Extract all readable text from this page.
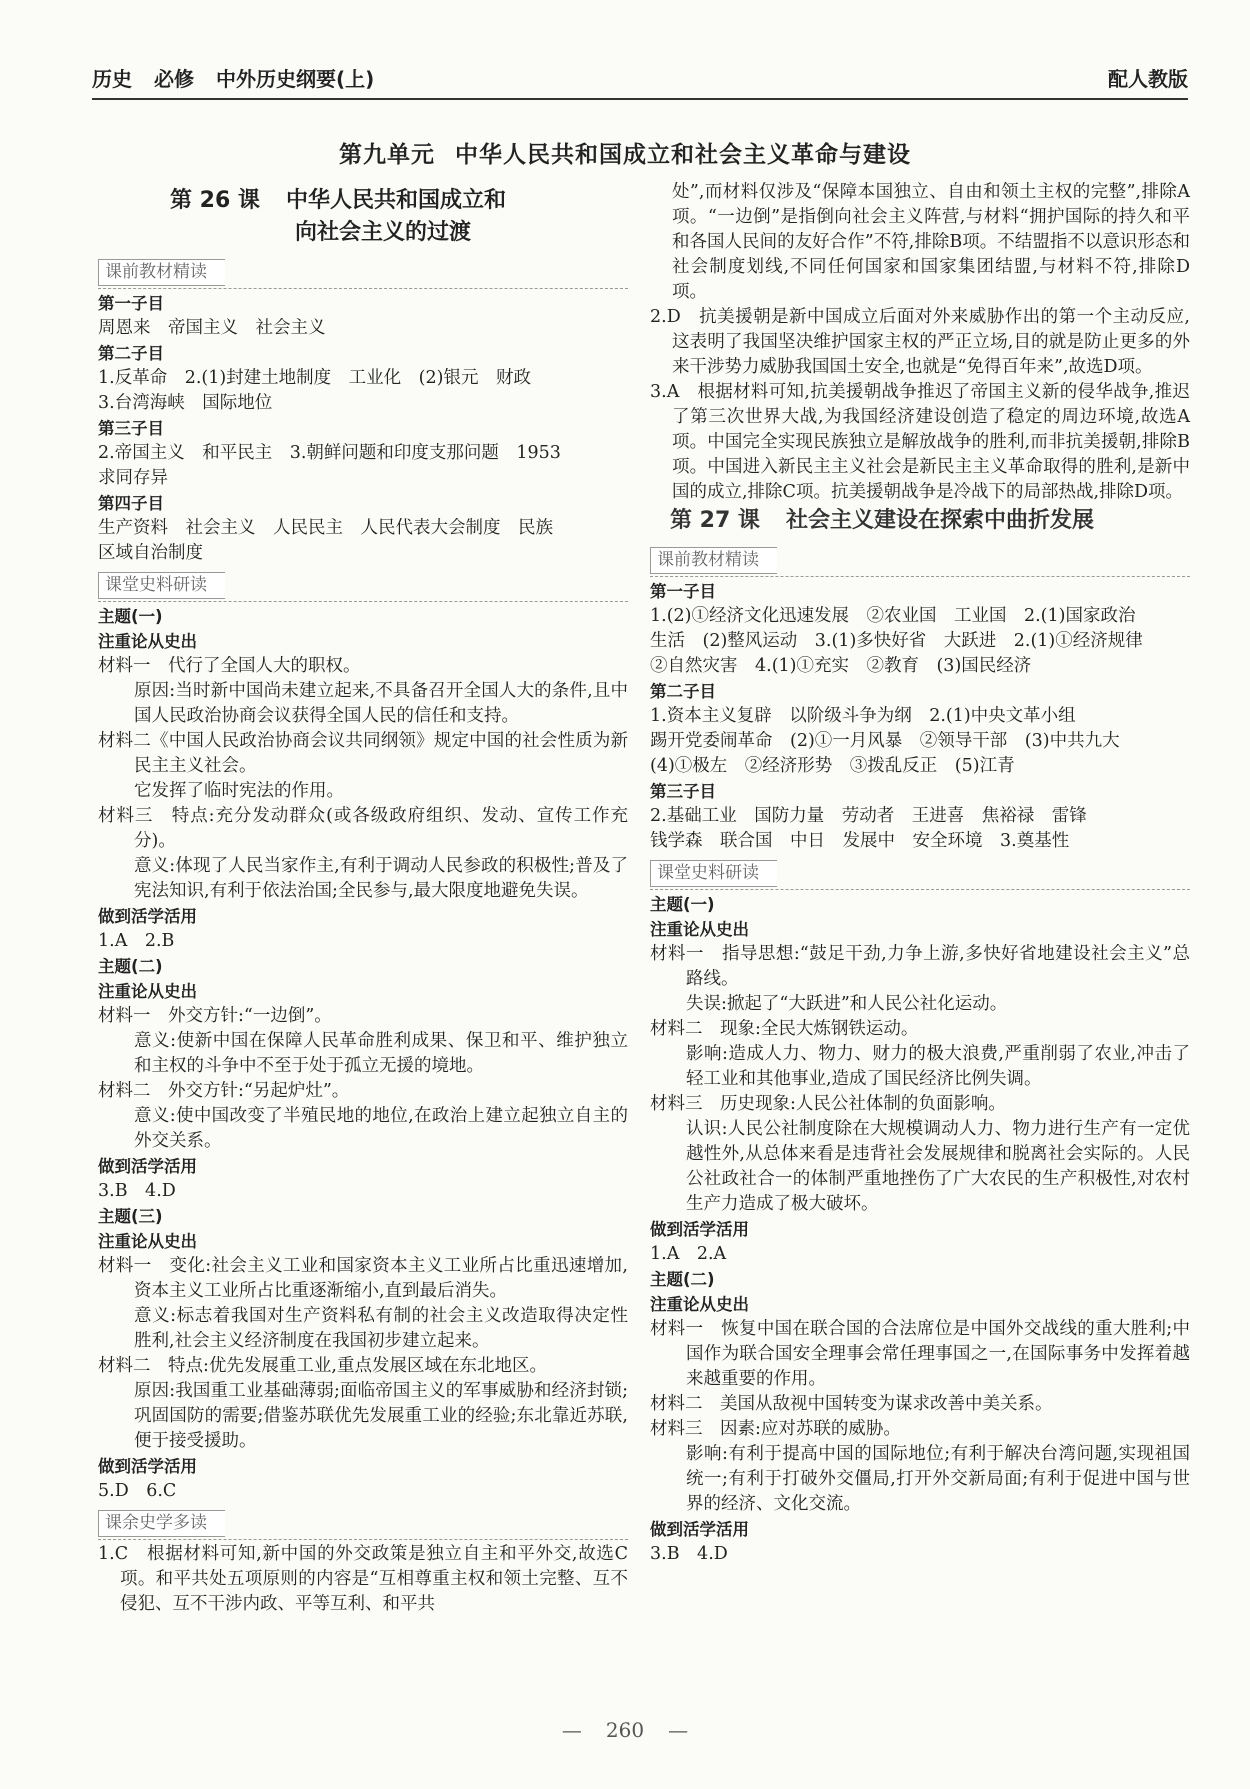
历史 必修 中外历史纲要(上)	配人教版
第九单元 中华人民共和国成立和社会主义革命与建设
第 26 课 中华人民共和国成立和
向社会主义的过渡
课前教材精读
第一子目
周恩来　帝国主义　社会主义
第二子目
1.反革命　2.(1)封建土地制度　工业化　(2)银元　财政
3.台湾海峡　国际地位
第三子目
2.帝国主义　和平民主　3.朝鲜问题和印度支那问题　1953
求同存异
第四子目
生产资料　社会主义　人民民主　人民代表大会制度　民族
区域自治制度
课堂史料研读
主题(一)
注重论从史出
材料一　代行了全国人大的职权。
原因:当时新中国尚未建立起来,不具备召开全国人大的条件,且中国人民政治协商会议获得全国人民的信任和支持。
材料二《中国人民政治协商会议共同纲领》规定中国的社会性质为新民主主义社会。
它发挥了临时宪法的作用。
材料三　特点:充分发动群众(或各级政府组织、发动、宣传工作充分)。
意义:体现了人民当家作主,有利于调动人民参政的积极性;普及了宪法知识,有利于依法治国;全民参与,最大限度地避免失误。
做到活学活用
1.A　2.B
主题(二)
注重论从史出
材料一　外交方针:“一边倒”。
意义:使新中国在保障人民革命胜利成果、保卫和平、维护独立和主权的斗争中不至于处于孤立无援的境地。
材料二　外交方针:“另起炉灶”。
意义:使中国改变了半殖民地的地位,在政治上建立起独立自主的外交关系。
做到活学活用
3.B　4.D
主题(三)
注重论从史出
材料一　变化:社会主义工业和国家资本主义工业所占比重迅速增加,资本主义工业所占比重逐渐缩小,直到最后消失。
意义:标志着我国对生产资料私有制的社会主义改造取得决定性胜利,社会主义经济制度在我国初步建立起来。
材料二　特点:优先发展重工业,重点发展区域在东北地区。
原因:我国重工业基础薄弱;面临帝国主义的军事威胁和经济封锁;巩固国防的需要;借鉴苏联优先发展重工业的经验;东北靠近苏联,便于接受援助。
做到活学活用
5.D　6.C
课余史学多读
1.C　根据材料可知,新中国的外交政策是独立自主和平外交,故选C项。和平共处五项原则的内容是“互相尊重主权和领土完整、互不侵犯、互不干涉内政、平等互利、和平共
处”,而材料仅涉及“保障本国独立、自由和领土主权的完整”,排除A项。“一边倒”是指倒向社会主义阵营,与材料“拥护国际的持久和平和各国人民间的友好合作”不符,排除B项。不结盟指不以意识形态和社会制度划线,不同任何国家和国家集团结盟,与材料不符,排除D项。
2.D　抗美援朝是新中国成立后面对外来威胁作出的第一个主动反应,这表明了我国坚决维护国家主权的严正立场,目的就是防止更多的外来干涉势力威胁我国国土安全,也就是“免得百年来”,故选D项。
3.A　根据材料可知,抗美援朝战争推迟了帝国主义新的侵华战争,推迟了第三次世界大战,为我国经济建设创造了稳定的周边环境,故选A项。中国完全实现民族独立是解放战争的胜利,而非抗美援朝,排除B项。中国进入新民主主义社会是新民主主义革命取得的胜利,是新中国的成立,排除C项。抗美援朝战争是冷战下的局部热战,排除D项。
第 27 课 社会主义建设在探索中曲折发展
课前教材精读
第一子目
1.(2)①经济文化迅速发展　②农业国　工业国　2.(1)国家政治
生活　(2)整风运动　3.(1)多快好省　大跃进　2.(1)①经济规律
②自然灾害　4.(1)①充实　②教育　(3)国民经济
第二子目
1.资本主义复辟　以阶级斗争为纲　2.(1)中央文革小组
踢开党委闹革命　(2)①一月风暴　②领导干部　(3)中共九大
(4)①极左　②经济形势　③拨乱反正　(5)江青
第三子目
2.基础工业　国防力量　劳动者　王进喜　焦裕禄　雷锋
钱学森　联合国　中日　发展中　安全环境　3.奠基性
课堂史料研读
主题(一)
注重论从史出
材料一　指导思想:“鼓足干劲,力争上游,多快好省地建设社会主义”总路线。
失误:掀起了“大跃进”和人民公社化运动。
材料二　现象:全民大炼钢铁运动。
影响:造成人力、物力、财力的极大浪费,严重削弱了农业,冲击了轻工业和其他事业,造成了国民经济比例失调。
材料三　历史现象:人民公社体制的负面影响。
认识:人民公社制度除在大规模调动人力、物力进行生产有一定优越性外,从总体来看是违背社会发展规律和脱离社会实际的。人民公社政社合一的体制严重地挫伤了广大农民的生产积极性,对农村生产力造成了极大破坏。
做到活学活用
1.A　2.A
主题(二)
注重论从史出
材料一　恢复中国在联合国的合法席位是中国外交战线的重大胜利;中国作为联合国安全理事会常任理事国之一,在国际事务中发挥着越来越重要的作用。
材料二　美国从敌视中国转变为谋求改善中美关系。
材料三　因素:应对苏联的威胁。
影响:有利于提高中国的国际地位;有利于解决台湾问题,实现祖国统一;有利于打破外交僵局,打开外交新局面;有利于促进中国与世界的经济、文化交流。
做到活学活用
3.B　4.D
— 260 —
